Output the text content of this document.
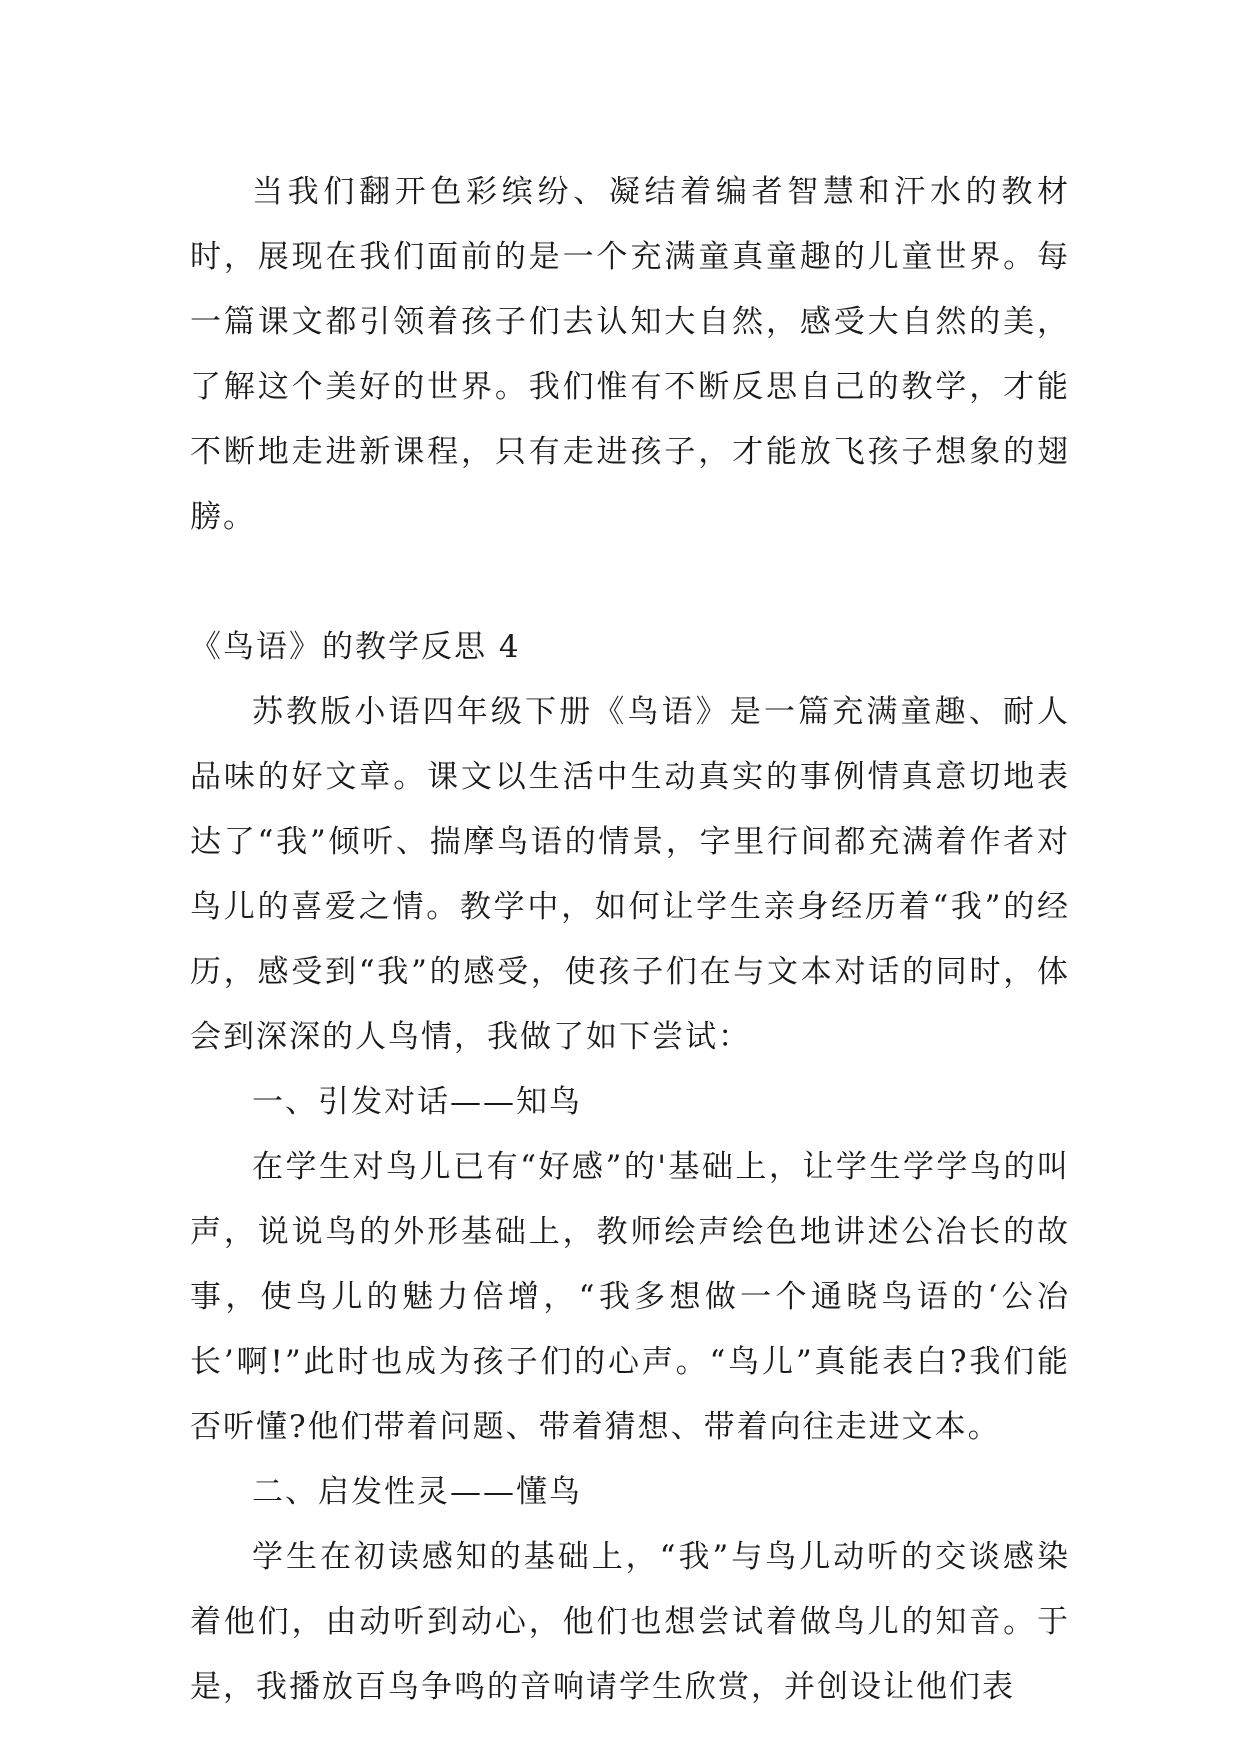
当我们翻开色彩缤纷、凝结着编者智慧和汗水的教材时，展现在我们面前的是一个充满童真童趣的儿童世界。每一篇课文都引领着孩子们去认知大自然，感受大自然的美，了解这个美好的世界。我们惟有不断反思自己的教学，才能不断地走进新课程，只有走进孩子，才能放飞孩子想象的翅膀。

《鸟语》的教学反思 4

苏教版小语四年级下册《鸟语》是一篇充满童趣、耐人品味的好文章。课文以生活中生动真实的事例情真意切地表达了“我”倾听、揣摩鸟语的情景，字里行间都充满着作者对鸟儿的喜爱之情。教学中，如何让学生亲身经历着“我”的经历，感受到“我”的感受，使孩子们在与文本对话的同时，体会到深深的人鸟情，我做了如下尝试：

一、引发对话——知鸟

在学生对鸟儿已有“好感”的'基础上，让学生学学鸟的叫声，说说鸟的外形基础上，教师绘声绘色地讲述公冶长的故事，使鸟儿的魅力倍增，“我多想做一个通晓鸟语的‘公冶长’啊!”此时也成为孩子们的心声。“鸟儿”真能表白?我们能否听懂?他们带着问题、带着猜想、带着向往走进文本。

二、启发性灵——懂鸟

学生在初读感知的基础上，“我”与鸟儿动听的交谈感染着他们，由动听到动心，他们也想尝试着做鸟儿的知音。于是，我播放百鸟争鸣的音响请学生欣赏，并创设让他们表
